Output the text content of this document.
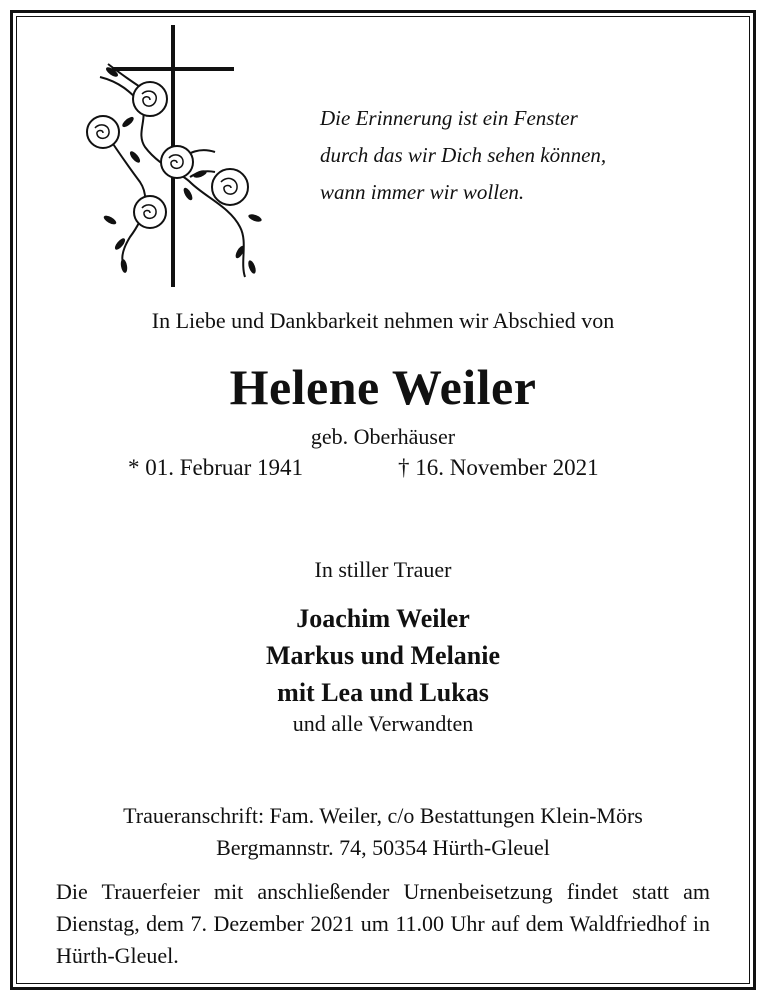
Die Erinnerung ist ein Fenster
durch das wir Dich sehen können,
wann immer wir wollen.
In Liebe und Dankbarkeit nehmen wir Abschied von
Helene Weiler
geb. Oberhäuser
* 01. Februar 1941	† 16. November 2021
In stiller Trauer
Joachim Weiler
Markus und Melanie
mit Lea und Lukas
und alle Verwandten
Traueranschrift: Fam. Weiler, c/o Bestattungen Klein-Mörs
Bergmannstr. 74, 50354 Hürth-Gleuel
Die Trauerfeier mit anschließender Urnenbeisetzung findet statt am Dienstag, dem 7. Dezember 2021 um 11.00 Uhr auf dem Waldfriedhof in Hürth-Gleuel.
